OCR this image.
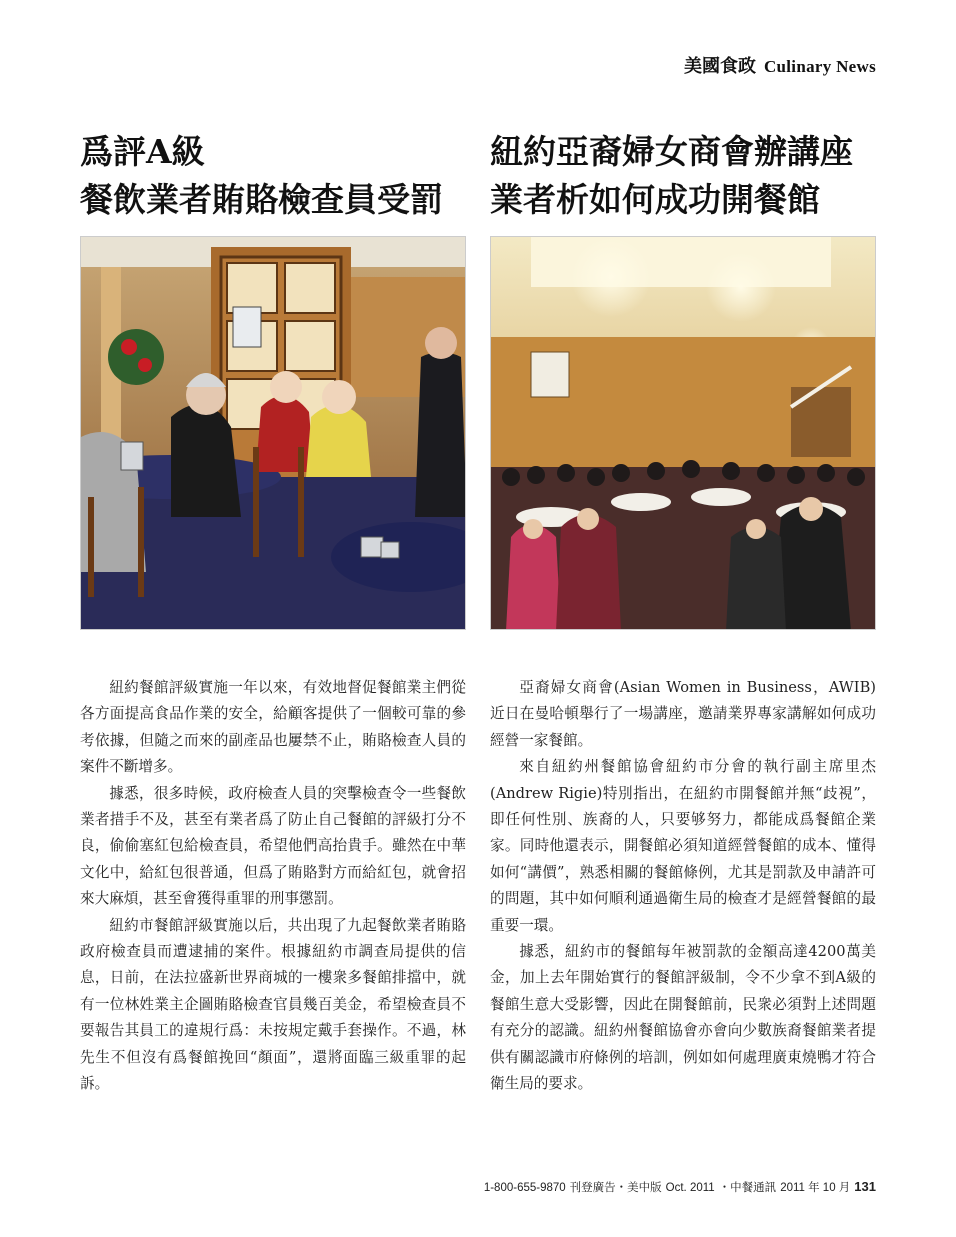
美國食政 Culinary News
爲評A級
餐飲業者賄賂檢查員受罰

紐約餐館評級實施一年以來，有效地督促餐館業主們從各方面提高食品作業的安全，給顧客提供了一個較可靠的參考依據，但隨之而來的副產品也屢禁不止，賄賂檢查人員的案件不斷增多。

據悉，很多時候，政府檢查人員的突擊檢查令一些餐飲業者措手不及，甚至有業者爲了防止自己餐館的評級打分不良，偷偷塞紅包給檢查員，希望他們高抬貴手。雖然在中華文化中，給紅包很普通，但爲了賄賂對方而給紅包，就會招來大麻煩，甚至會獲得重罪的刑事懲罰。

紐約市餐館評級實施以后，共出現了九起餐飲業者賄賂政府檢查員而遭逮捕的案件。根據紐約市調查局提供的信息，日前，在法拉盛新世界商城的一樓衆多餐館排擋中，就有一位林姓業主企圖賄賂檢查官員幾百美金，希望檢查員不要報告其員工的違規行爲：未按規定戴手套操作。不過，林先生不但沒有爲餐館挽回“顏面”，還將面臨三級重罪的起訴。

紐約亞裔婦女商會辦講座
業者析如何成功開餐館

亞裔婦女商會(Asian Women in Business，AWIB)近日在曼哈頓舉行了一場講座，邀請業界專家講解如何成功經營一家餐館。

來自紐約州餐館協會紐約市分會的執行副主席里杰(Andrew Rigie)特別指出，在紐約市開餐館并無“歧視”，即任何性別、族裔的人，只要够努力，都能成爲餐館企業家。同時他還表示，開餐館必須知道經營餐館的成本、懂得如何“講價”，熟悉相關的餐館條例，尤其是罰款及申請許可的問題，其中如何順利通過衛生局的檢查才是經營餐館的最重要一環。

據悉，紐約市的餐館每年被罰款的金額高達4200萬美金，加上去年開始實行的餐館評級制，令不少拿不到A級的餐館生意大受影響，因此在開餐館前，民衆必須對上述問題有充分的認識。紐約州餐館協會亦會向少數族裔餐館業者提供有關認識市府條例的培訓，例如如何處理廣東燒鴨才符合衛生局的要求。

1-800-655-9870 刊登廣告・美中版 Oct. 2011 ・中餐通訊 2011 年 10 月 131
